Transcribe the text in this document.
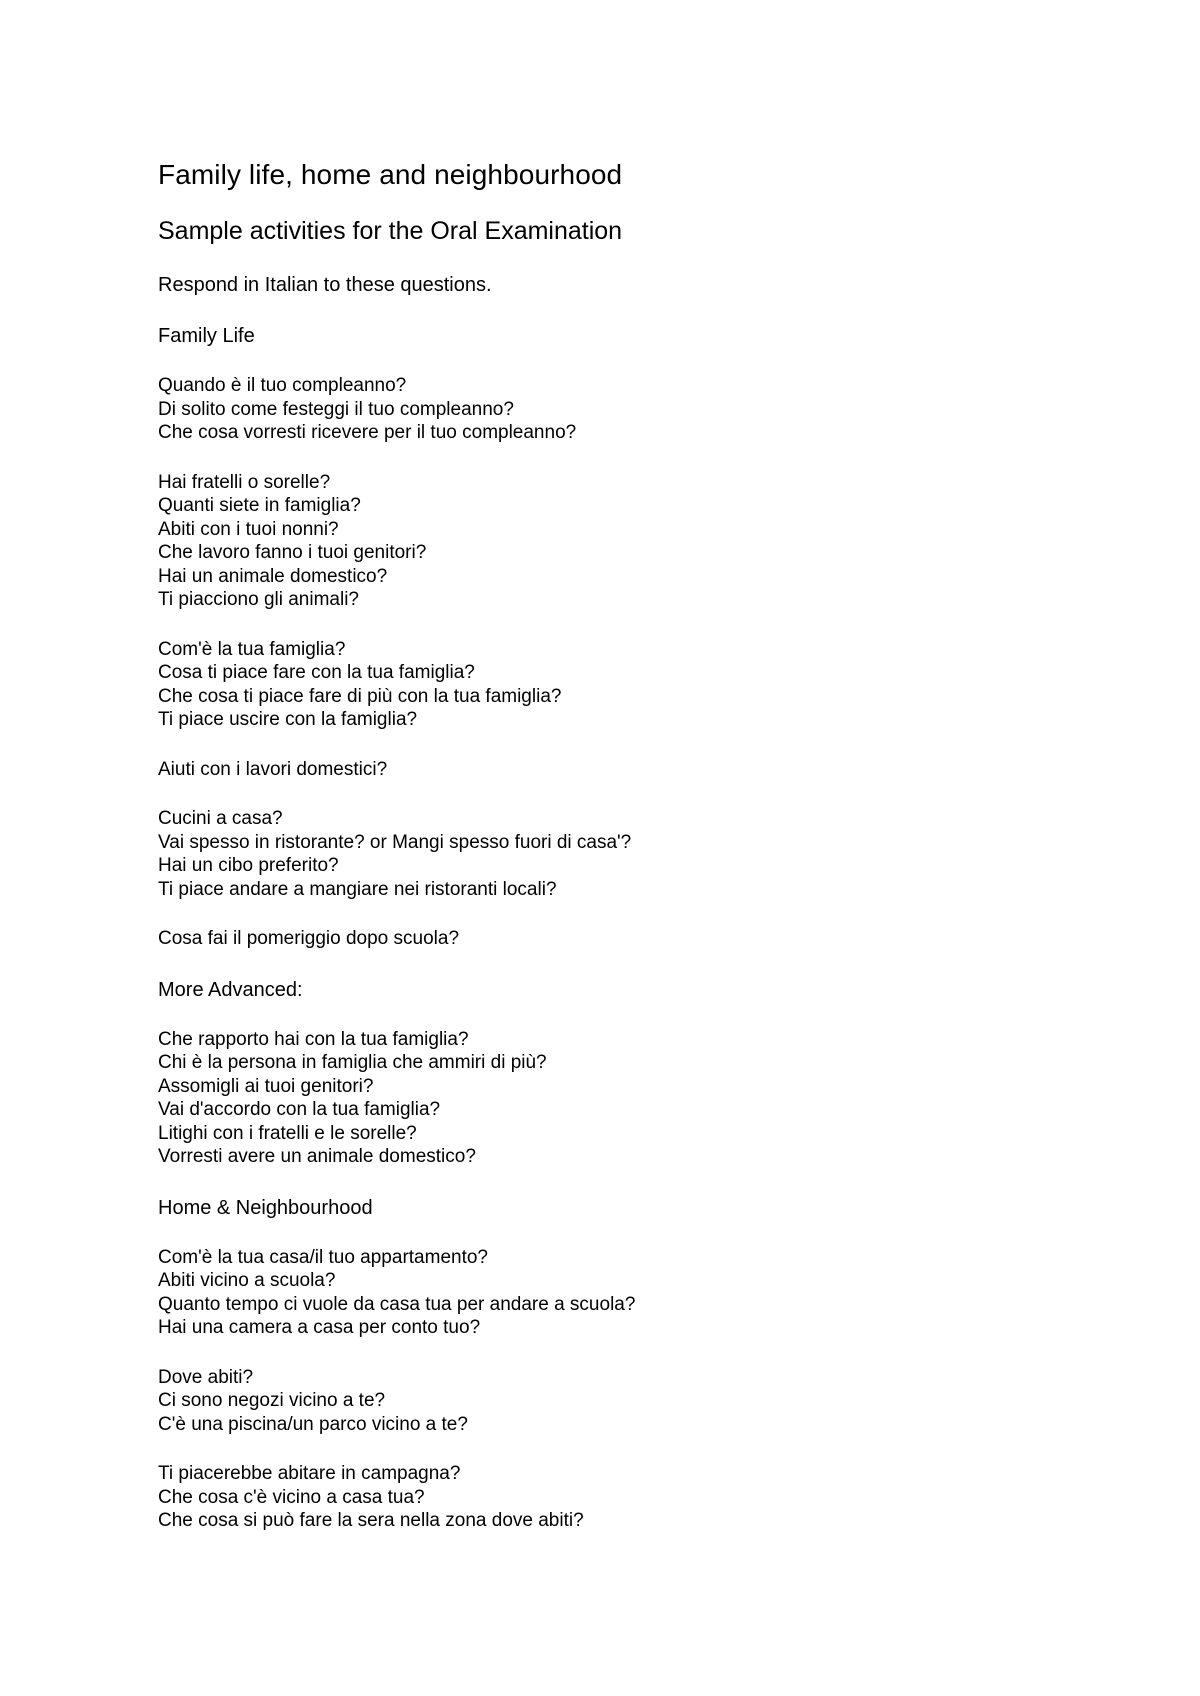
Family life, home and neighbourhood
Sample activities for the Oral Examination

Respond in Italian to these questions.

Family Life

Quando è il tuo compleanno?
Di solito come festeggi il tuo compleanno?
Che cosa vorresti ricevere per il tuo compleanno?
Hai fratelli o sorelle?
Quanti siete in famiglia?
Abiti con i tuoi nonni?
Che lavoro fanno i tuoi genitori?
Hai un animale domestico?
Ti piacciono gli animali?
Com'è la tua famiglia?
Cosa ti piace fare con la tua famiglia?
Che cosa ti piace fare di più con la tua famiglia?
Ti piace uscire con la famiglia?
Aiuti con i lavori domestici?
Cucini a casa?
Vai spesso in ristorante? or Mangi spesso fuori di casa'?
Hai un cibo preferito?
Ti piace andare a mangiare nei ristoranti locali?
Cosa fai il pomeriggio dopo scuola?

More Advanced:

Che rapporto hai con la tua famiglia?
Chi è la persona in famiglia che ammiri di più?
Assomigli ai tuoi genitori?
Vai d'accordo con la tua famiglia?
Litighi con i fratelli e le sorelle?
Vorresti avere un animale domestico?

Home & Neighbourhood

Com'è la tua casa/il tuo appartamento?
Abiti vicino a scuola?
Quanto tempo ci vuole da casa tua per andare a scuola?
Hai una camera a casa per conto tuo?
Dove abiti?
Ci sono negozi vicino a te?
C'è una piscina/un parco vicino a te?
Ti piacerebbe abitare in campagna?
Che cosa c'è vicino a casa tua?
Che cosa si può fare la sera nella zona dove abiti?
